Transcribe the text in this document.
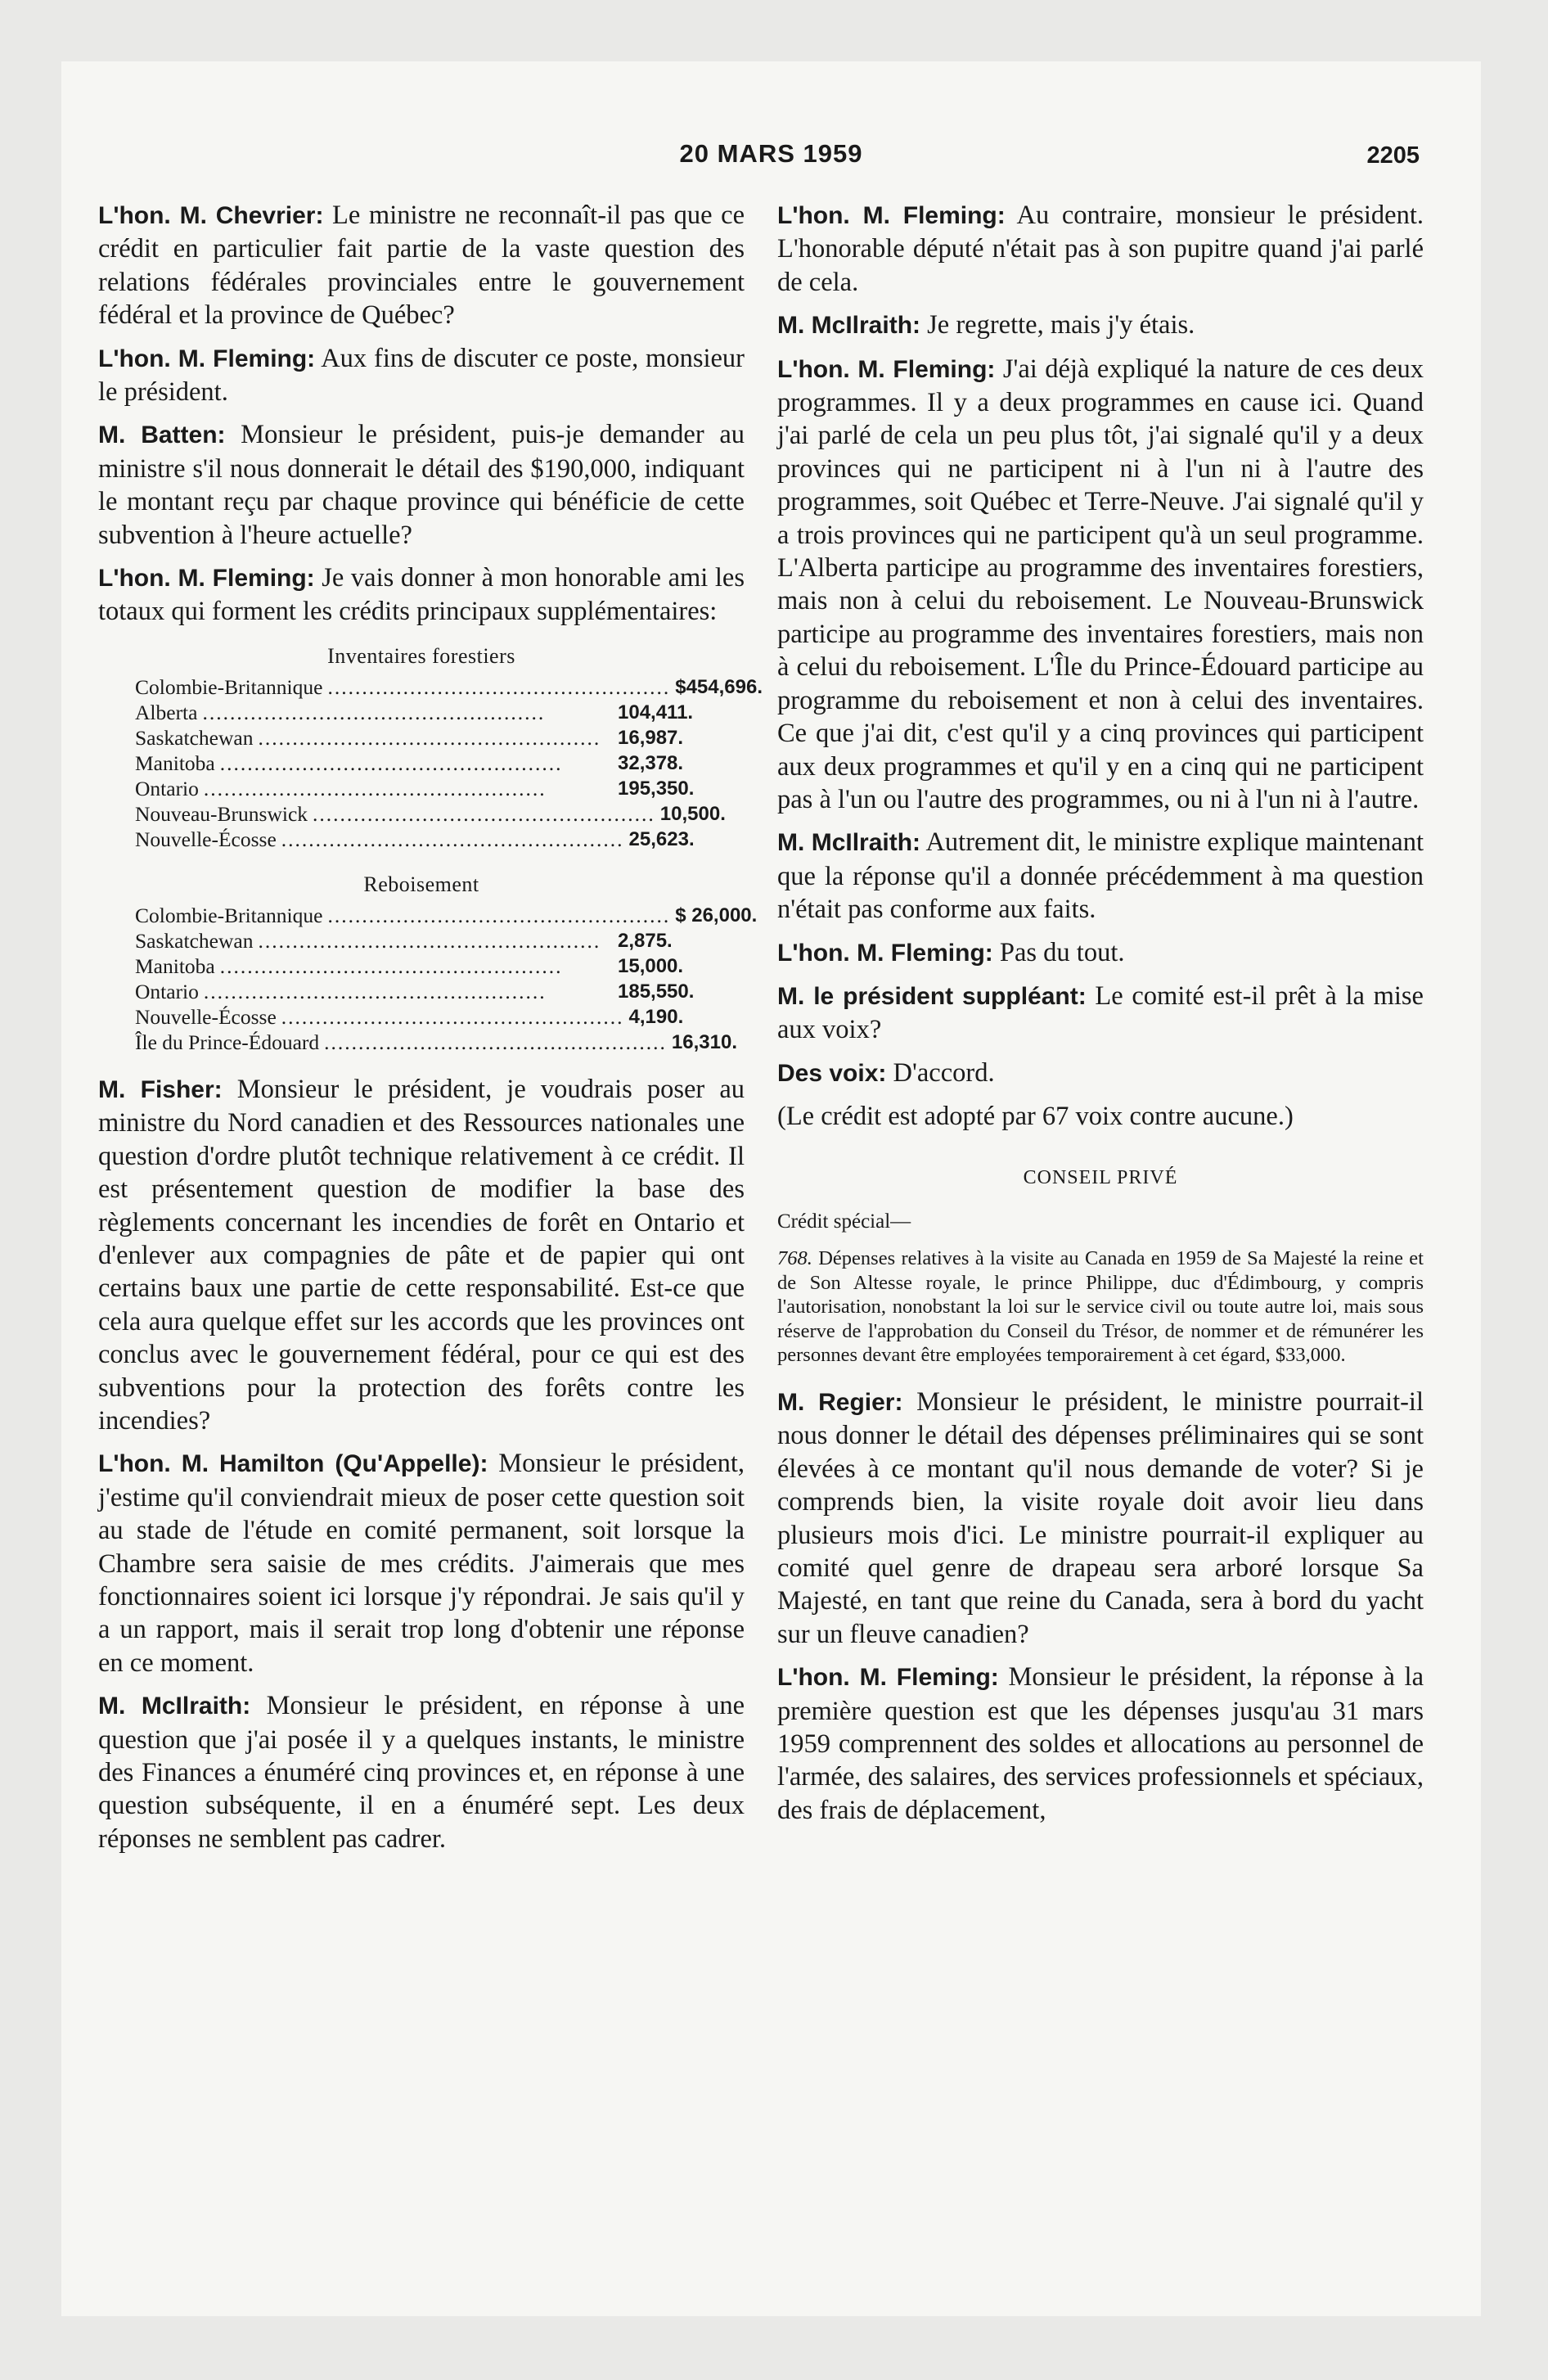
20 MARS 1959	2205

L'hon. M. Chevrier: Le ministre ne reconnaît-il pas que ce crédit en particulier fait partie de la vaste question des relations fédérales provinciales entre le gouvernement fédéral et la province de Québec?

L'hon. M. Fleming: Aux fins de discuter ce poste, monsieur le président.

M. Batten: Monsieur le président, puis-je demander au ministre s'il nous donnerait le détail des $190,000, indiquant le montant reçu par chaque province qui bénéficie de cette subvention à l'heure actuelle?

L'hon. M. Fleming: Je vais donner à mon honorable ami les totaux qui forment les crédits principaux supplémentaires:

Inventaires forestiers
Colombie-Britannique .................................................. $454,696.
Alberta ..................................................	104,411.
Saskatchewan .................................................. 16,987.
Manitoba ..................................................	32,378.
Ontario ..................................................	195,350.
Nouveau-Brunswick .................................................. 10,500.
Nouvelle-Écosse .................................................. 25,623.
Reboisement
Colombie-Britannique .................................................. $ 26,000.
Saskatchewan .................................................. 2,875.
Manitoba ..................................................	15,000.
Ontario ..................................................	185,550.
Nouvelle-Écosse .................................................. 4,190.
Île du Prince-Édouard .................................................. 16,310.

M. Fisher: Monsieur le président, je voudrais poser au ministre du Nord canadien et des Ressources nationales une question d'ordre plutôt technique relativement à ce crédit. Il est présentement question de modifier la base des règlements concernant les incendies de forêt en Ontario et d'enlever aux compagnies de pâte et de papier qui ont certains baux une partie de cette responsabilité. Est-ce que cela aura quelque effet sur les accords que les provinces ont conclus avec le gouvernement fédéral, pour ce qui est des subventions pour la protection des forêts contre les incendies?

L'hon. M. Hamilton (Qu'Appelle): Monsieur le président, j'estime qu'il conviendrait mieux de poser cette question soit au stade de l'étude en comité permanent, soit lorsque la Chambre sera saisie de mes crédits. J'aimerais que mes fonctionnaires soient ici lorsque j'y répondrai. Je sais qu'il y a un rapport, mais il serait trop long d'obtenir une réponse en ce moment.

M. McIlraith: Monsieur le président, en réponse à une question que j'ai posée il y a quelques instants, le ministre des Finances a énuméré cinq provinces et, en réponse à une question subséquente, il en a énuméré sept. Les deux réponses ne semblent pas cadrer.

L'hon. M. Fleming: Au contraire, monsieur le président. L'honorable député n'était pas à son pupitre quand j'ai parlé de cela.

M. McIlraith: Je regrette, mais j'y étais.

L'hon. M. Fleming: J'ai déjà expliqué la nature de ces deux programmes. Il y a deux programmes en cause ici. Quand j'ai parlé de cela un peu plus tôt, j'ai signalé qu'il y a deux provinces qui ne participent ni à l'un ni à l'autre des programmes, soit Québec et Terre-Neuve. J'ai signalé qu'il y a trois provinces qui ne participent qu'à un seul programme. L'Alberta participe au programme des inventaires forestiers, mais non à celui du reboisement. Le Nouveau-Brunswick participe au programme des inventaires forestiers, mais non à celui du reboisement. L'Île du Prince-Édouard participe au programme du reboisement et non à celui des inventaires. Ce que j'ai dit, c'est qu'il y a cinq provinces qui participent aux deux programmes et qu'il y en a cinq qui ne participent pas à l'un ou l'autre des programmes, ou ni à l'un ni à l'autre.

M. McIlraith: Autrement dit, le ministre explique maintenant que la réponse qu'il a donnée précédemment à ma question n'était pas conforme aux faits.

L'hon. M. Fleming: Pas du tout.

M. le président suppléant: Le comité est-il prêt à la mise aux voix?

Des voix: D'accord.

(Le crédit est adopté par 67 voix contre aucune.)

CONSEIL PRIVÉ
Crédit spécial—
768. Dépenses relatives à la visite au Canada en 1959 de Sa Majesté la reine et de Son Altesse royale, le prince Philippe, duc d'Édimbourg, y compris l'autorisation, nonobstant la loi sur le service civil ou toute autre loi, mais sous réserve de l'approbation du Conseil du Trésor, de nommer et de rémunérer les personnes devant être employées temporairement à cet égard, $33,000.

M. Regier: Monsieur le président, le ministre pourrait-il nous donner le détail des dépenses préliminaires qui se sont élevées à ce montant qu'il nous demande de voter? Si je comprends bien, la visite royale doit avoir lieu dans plusieurs mois d'ici. Le ministre pourrait-il expliquer au comité quel genre de drapeau sera arboré lorsque Sa Majesté, en tant que reine du Canada, sera à bord du yacht sur un fleuve canadien?

L'hon. M. Fleming: Monsieur le président, la réponse à la première question est que les dépenses jusqu'au 31 mars 1959 comprennent des soldes et allocations au personnel de l'armée, des salaires, des services professionnels et spéciaux, des frais de déplacement,
